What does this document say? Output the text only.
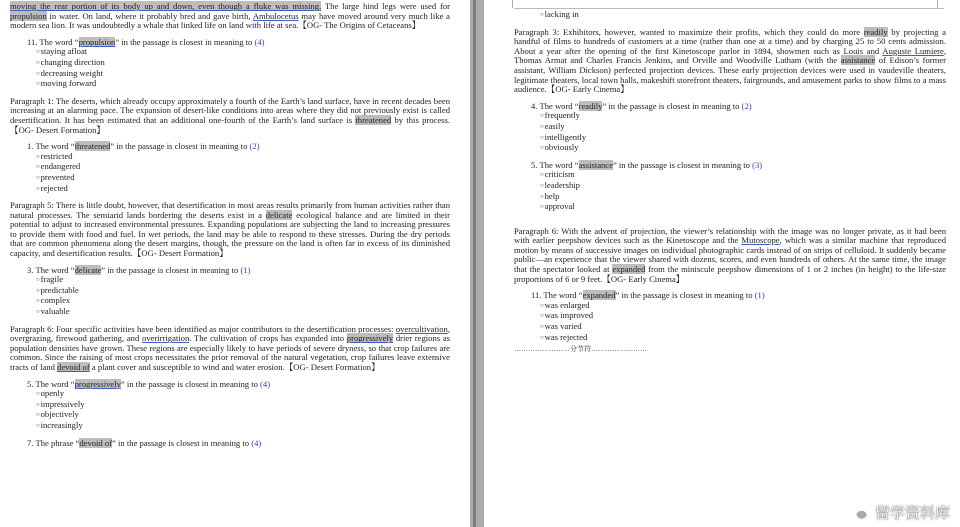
moving the rear portion of its body up and down, even though a fluke was missing. The large hind legs were used for propulsion in water. On land, where it probably bred and gave birth, Ambulocetus may have moved around very much like a modern sea lion. It was undoubtedly a whale that linked life on land with life at sea.【OG- The Origins of Cetaceans】

11. The word “propulsion” in the passage is closest in meaning to (4)

○ staying afloat
○ changing direction
○ decreasing weight
○ moving forward

Paragraph 1: The deserts, which already occupy approximately a fourth of the Earth’s land surface, have in recent decades been increasing at an alarming pace. The expansion of desert-like conditions into areas where they did not previously exist is called desertification. It has been estimated that an additional one-fourth of the Earth’s land surface is threatened by this process.【OG- Desert Formation】

1. The word “threatened” in the passage is closest in meaning to (2)

○ restricted
○ endangered
○ prevented
○ rejected

Paragraph 5: There is little doubt, however, that desertification in most areas results primarily from human activities rather than natural processes. The semiarid lands bordering the deserts exist in a delicate ecological balance and are limited in their potential to adjust to increased environmental pressures. Expanding populations are subjecting the land to increasing pressures to provide them with food and fuel. In wet periods, the land may be able to respond to these stresses. During the dry periods that are common phenomena along the desert margins, though, the pressure on the land is often far in excess of its diminished capacity, and desertification results.【OG- Desert Formation】

3. The word “delicate” in the passage is closest in meaning to (1)

○ fragile
○ predictable
○ complex
○ valuable

Paragraph 6: Four specific activities have been identified as major contributors to the desertification processes: overcultivation, overgrazing, firewood gathering, and overirrigation. The cultivation of crops has expanded into progressively drier regions as population densities have grown. These regions are especially likely to have periods of severe dryness, so that crop failures are common. Since the raising of most crops necessitates the prior removal of the natural vegetation, crop failures leave extensive tracts of land devoid of a plant cover and susceptible to wind and water erosion.【OG- Desert Formation】

5. The word “progressively” in the passage is closest in meaning to (4)

○ openly
○ impressively
○ objectively
○ increasingly

7. The phrase “devoid of” in the passage is closest in meaning to (4)

○ lacking in

Paragraph 3: Exhibitors, however, wanted to maximize their profits, which they could do more readily by projecting a handful of films to hundreds of customers at a time (rather than one at a time) and by charging 25 to 50 cents admission. About a year after the opening of the first Kinetoscope parlor in 1894, showmen such as Louis and Auguste Lumiere, Thomas Armat and Charles Francis Jenkins, and Orville and Woodville Latham (with the assistance of Edison’s former assistant, William Dickson) perfected projection devices. These early projection devices were used in vaudeville theaters, legitimate theaters, local town halls, makeshift storefront theaters, fairgrounds, and amusement parks to show films to a mass audience.【OG- Early Cinema】

4. The word “readily” in the passage is closest in meaning to (2)

○ frequently
○ easily
○ intelligently
○ obviously

5. The word “assistance” in the passage is closest in meaning to (3)

○ criticism
○ leadership
○ help
○ approval

Paragraph 6: With the advent of projection, the viewer’s relationship with the image was no longer private, as it had been with earlier peepshow devices such as the Kinetoscope and the Mutoscope, which was a similar machine that reproduced motion by means of successive images on individual photographic cards instead of on strips of celluloid. It suddenly became public—an experience that the viewer shared with dozens, scores, and even hundreds of others. At the same time, the image that the spectator looked at expanded from the miniscule peepshow dimensions of 1 or 2 inches (in height) to the life-size proportions of 6 or 9 feet.【OG- Early Cinema】

11. The word “expanded” in the passage is closest in meaning to (1)

○ was enlarged
○ was improved
○ was varied
○ was rejected
……………………分节符……………………
留学资料库
